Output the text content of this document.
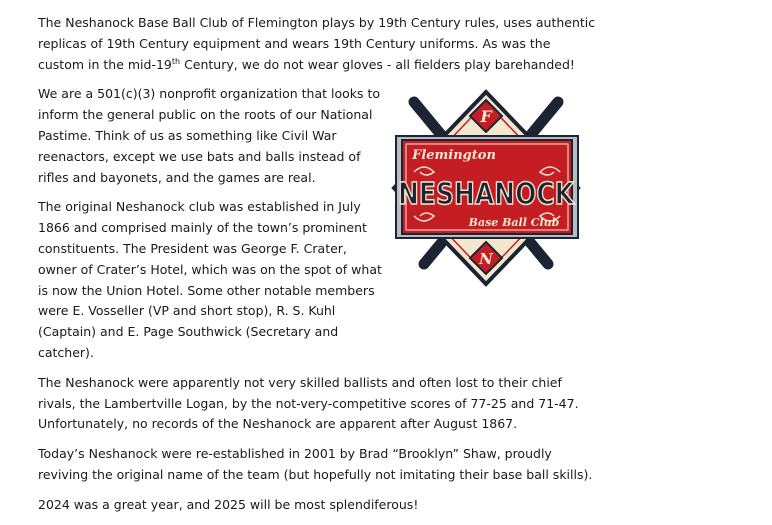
The Neshanock Base Ball Club of Flemington plays by 19th Century rules, uses authentic replicas of 19th Century equipment and wears 19th Century uniforms. As was the custom in the mid-19th Century, we do not wear gloves - all fielders play barehanded!

We are a 501(c)(3) nonprofit organization that looks to inform the general public on the roots of our National Pastime. Think of us as something like Civil War reenactors, except we use bats and balls instead of rifles and bayonets, and the games are real.

The original Neshanock club was established in July 1866 and comprised mainly of the town’s prominent constituents. The President was George F. Crater, owner of Crater’s Hotel, which was on the spot of what is now the Union Hotel. Some other notable members were E. Vosseller (VP and short stop), R. S. Kuhl (Captain) and E. Page Southwick (Secretary and catcher).

The Neshanock were apparently not very skilled ballists and often lost to their chief rivals, the Lambertville Logan, by the not-very-competitive scores of 77-25 and 71-47. Unfortunately, no records of the Neshanock are apparent after August 1867.

Today’s Neshanock were re-established in 2001 by Brad “Brooklyn” Shaw, proudly reviving the original name of the team (but hopefully not imitating their base ball skills).

2024 was a great year, and 2025 will be most splendiferous!

F
N
Flemington
NESHANOCK
Base Ball Club
